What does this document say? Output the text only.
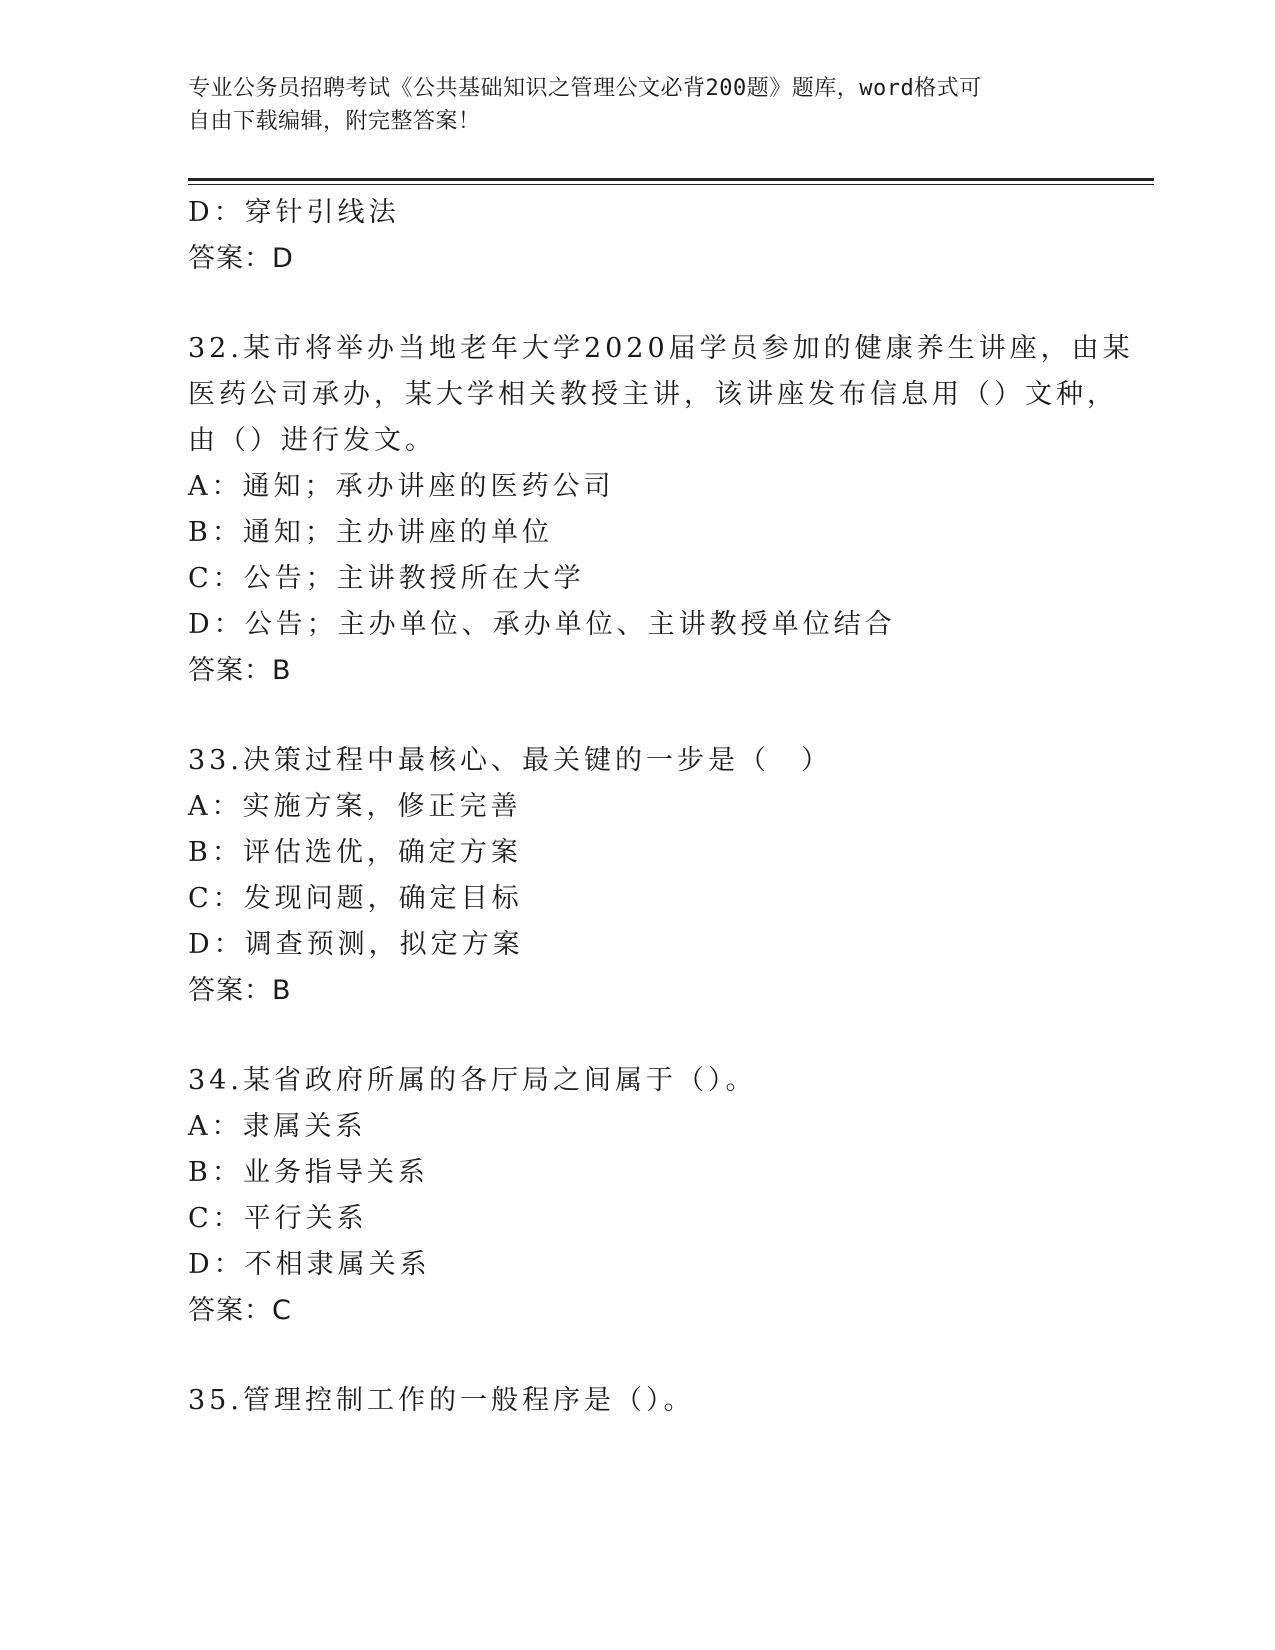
专业公务员招聘考试《公共基础知识之管理公文必背200题》题库，word格式可
自由下载编辑，附完整答案！
D：穿针引线法
答案：D
32.某市将举办当地老年大学2020届学员参加的健康养生讲座，由某
医药公司承办，某大学相关教授主讲，该讲座发布信息用（）文种，
由（）进行发文。
A：通知；承办讲座的医药公司
B：通知；主办讲座的单位
C：公告；主讲教授所在大学
D：公告；主办单位、承办单位、主讲教授单位结合
答案：B
33.决策过程中最核心、最关键的一步是（　）
A：实施方案，修正完善
B：评估选优，确定方案
C：发现问题，确定目标
D：调查预测，拟定方案
答案：B
34.某省政府所属的各厅局之间属于（）。
A：隶属关系
B：业务指导关系
C：平行关系
D：不相隶属关系
答案：C
35.管理控制工作的一般程序是（）。
